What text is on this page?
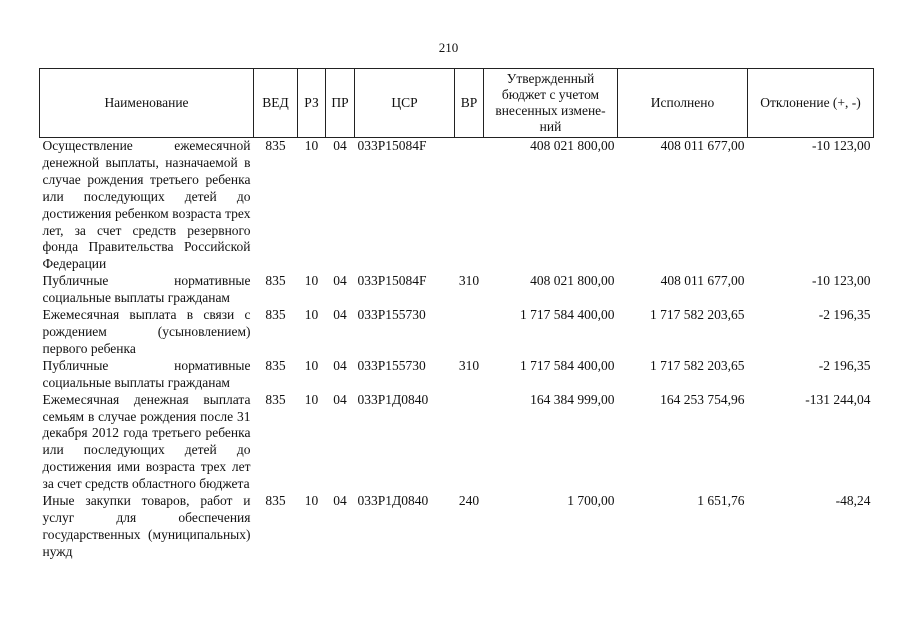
210
Наименование	ВЕД	РЗ	ПР	ЦСР	ВР	Утвержденный бюджет с учетом внесенных измене-ний	Исполнено	Отклонение (+, -)
Осуществление ежемесячной денежной выплаты, назначаемой в случае рождения третьего ребенка или последующих детей до достижения ребенком возраста трех лет, за счет средств резервного фонда Правительства Российской Федерации	835	10	04	033P15084F		408 021 800,00	408 011 677,00	-10 123,00
Публичные нормативные социальные выплаты гражданам	835	10	04	033P15084F	310	408 021 800,00	408 011 677,00	-10 123,00
Ежемесячная выплата в связи с рождением (усыновлением) первого ребенка	835	10	04	033P155730		1 717 584 400,00	1 717 582 203,65	-2 196,35
Публичные нормативные социальные выплаты гражданам	835	10	04	033P155730	310	1 717 584 400,00	1 717 582 203,65	-2 196,35
Ежемесячная денежная выплата семьям в случае рождения после 31 декабря 2012 года третьего ребенка или последующих детей до достижения ими возраста трех лет за счет средств областного бюджета	835	10	04	033P1Д0840		164 384 999,00	164 253 754,96	-131 244,04
Иные закупки товаров, работ и услуг для обеспечения государственных (муниципальных) нужд	835	10	04	033P1Д0840	240	1 700,00	1 651,76	-48,24
